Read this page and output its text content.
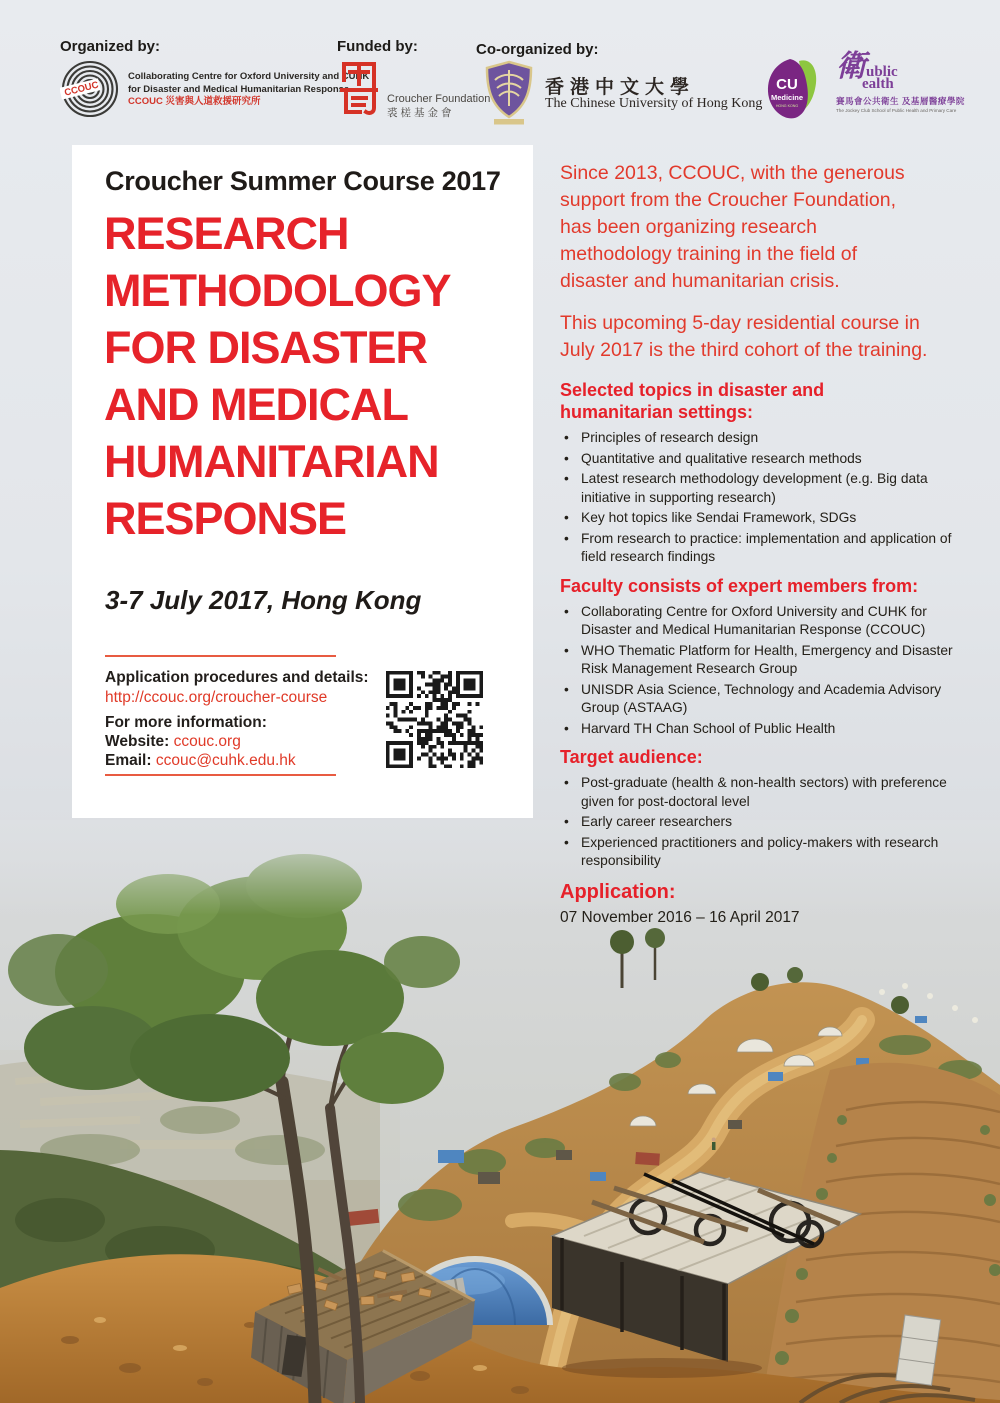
Organized by:
CCOUC
Collaborating Centre for Oxford University and CUHK
for Disaster and Medical Humanitarian Response
CCOUC 災害與人道救援研究所
Funded by:
Croucher Foundation
裘槎基金會
Co-organized by:
香港中文大學
The Chinese University of Hong Kong
CU
Medicine
HONG KONG
衛ublic
ealth
賽馬會公共衛生 及基層醫療學院
The Jockey Club School of Public Health and Primary Care
Croucher Summer Course 2017
RESEARCH
METHODOLOGY
FOR DISASTER
AND MEDICAL
HUMANITARIAN
RESPONSE
3-7 July 2017, Hong Kong
Application procedures and details:
http://ccouc.org/croucher-course
For more information:
Website: ccouc.org
Email: ccouc@cuhk.edu.hk

Since 2013, CCOUC, with the generous
support from the Croucher Foundation,
has been organizing research
methodology training in the field of
disaster and humanitarian crisis.

This upcoming 5-day residential course in
July 2017 is the third cohort of the training.

Selected topics in disaster and
humanitarian settings:
• Principles of research design
• Quantitative and qualitative research methods
• Latest research methodology development (e.g. Big data initiative in supporting research)
• Key hot topics like Sendai Framework, SDGs
• From research to practice: implementation and application of field research findings
Faculty consists of expert members from:
• Collaborating Centre for Oxford University and CUHK for Disaster and Medical Humanitarian Response (CCOUC)
• WHO Thematic Platform for Health, Emergency and Disaster Risk Management Research Group
• UNISDR Asia Science, Technology and Academia Advisory Group (ASTAAG)
• Harvard TH Chan School of Public Health
Target audience:
• Post-graduate (health & non-health sectors) with preference given for post-doctoral level
• Early career researchers
• Experienced practitioners and policy-makers with research responsibility
Application:
07 November 2016 – 16 April 2017
